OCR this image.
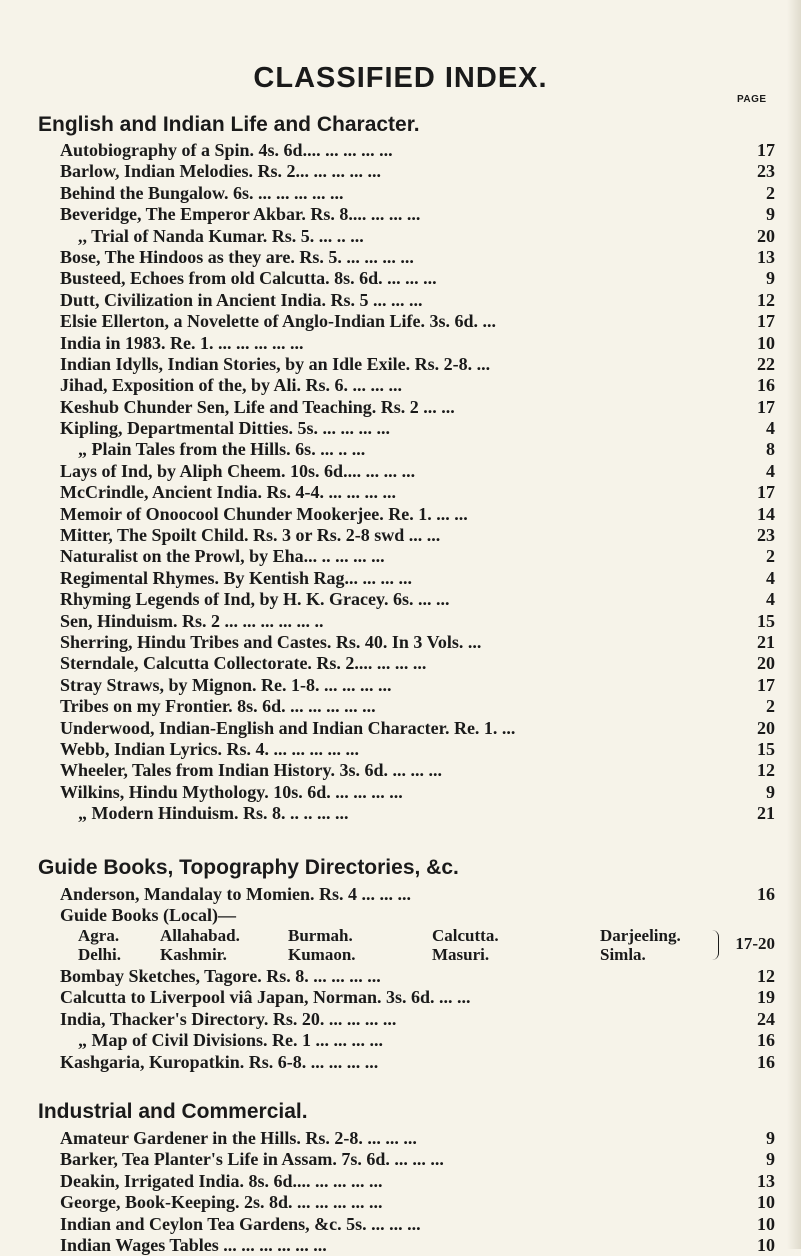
CLASSIFIED INDEX.
PAGE
English and Indian Life and Character.
Autobiography of a Spin. 4s. 6d.... ... ... ... ...	17
Barlow, Indian Melodies. Rs. 2... ... ... ... ...	23
Behind the Bungalow. 6s. ... ... ... ... ...	2
Beveridge, The Emperor Akbar. Rs. 8.... ... ... ...	9
,, Trial of Nanda Kumar. Rs. 5. ... .. ...	20
Bose, The Hindoos as they are. Rs. 5. ... ... ... ...	13
Busteed, Echoes from old Calcutta. 8s. 6d. ... ... ...	9
Dutt, Civilization in Ancient India. Rs. 5 ... ... ...	12
Elsie Ellerton, a Novelette of Anglo-Indian Life. 3s. 6d. ...	17
India in 1983. Re. 1. ... ... ... ... ...	10
Indian Idylls, Indian Stories, by an Idle Exile. Rs. 2-8. ...	22
Jihad, Exposition of the, by Ali. Rs. 6. ... ... ...	16
Keshub Chunder Sen, Life and Teaching. Rs. 2 ... ...	17
Kipling, Departmental Ditties. 5s. ... ... ... ...	4
„ Plain Tales from the Hills. 6s. ... .. ...	8
Lays of Ind, by Aliph Cheem. 10s. 6d.... ... ... ...	4
McCrindle, Ancient India. Rs. 4-4. ... ... ... ...	17
Memoir of Onoocool Chunder Mookerjee. Re. 1. ... ...	14
Mitter, The Spoilt Child. Rs. 3 or Rs. 2-8 swd ... ...	23
Naturalist on the Prowl, by Eha... .. ... ... ...	2
Regimental Rhymes. By Kentish Rag... ... ... ...	4
Rhyming Legends of Ind, by H. K. Gracey. 6s. ... ...	4
Sen, Hinduism. Rs. 2 ... ... ... ... ... ..	15
Sherring, Hindu Tribes and Castes. Rs. 40. In 3 Vols. ...	21
Sterndale, Calcutta Collectorate. Rs. 2.... ... ... ...	20
Stray Straws, by Mignon. Re. 1-8. ... ... ... ...	17
Tribes on my Frontier. 8s. 6d. ... ... ... ... ...	2
Underwood, Indian-English and Indian Character. Re. 1. ...	20
Webb, Indian Lyrics. Rs. 4. ... ... ... ... ...	15
Wheeler, Tales from Indian History. 3s. 6d. ... ... ...	12
Wilkins, Hindu Mythology. 10s. 6d. ... ... ... ...	9
„ Modern Hinduism. Rs. 8. .. .. ... ...	21
Guide Books, Topography Directories, &c.
Anderson, Mandalay to Momien. Rs. 4 ... ... ...	16
Guide Books (Local)—
Agra. Allahabad.	Burmah.	Calcutta.	Darjeeling.
Delhi. Kashmir.	Kumaon.	Masuri.	Simla.
17-20
Bombay Sketches, Tagore. Rs. 8. ... ... ... ...	12
Calcutta to Liverpool viâ Japan, Norman. 3s. 6d. ... ...	19
India, Thacker's Directory. Rs. 20. ... ... ... ...	24
„ Map of Civil Divisions. Re. 1 ... ... ... ...	16
Kashgaria, Kuropatkin. Rs. 6-8. ... ... ... ...	16
Industrial and Commercial.
Amateur Gardener in the Hills. Rs. 2-8. ... ... ...	9
Barker, Tea Planter's Life in Assam. 7s. 6d. ... ... ...	9
Deakin, Irrigated India. 8s. 6d.... ... ... ... ...	13
George, Book-Keeping. 2s. 8d. ... ... ... ... ...	10
Indian and Ceylon Tea Gardens, &c. 5s. ... ... ...	10
Indian Wages Tables ... ... ... ... ... ...	10
